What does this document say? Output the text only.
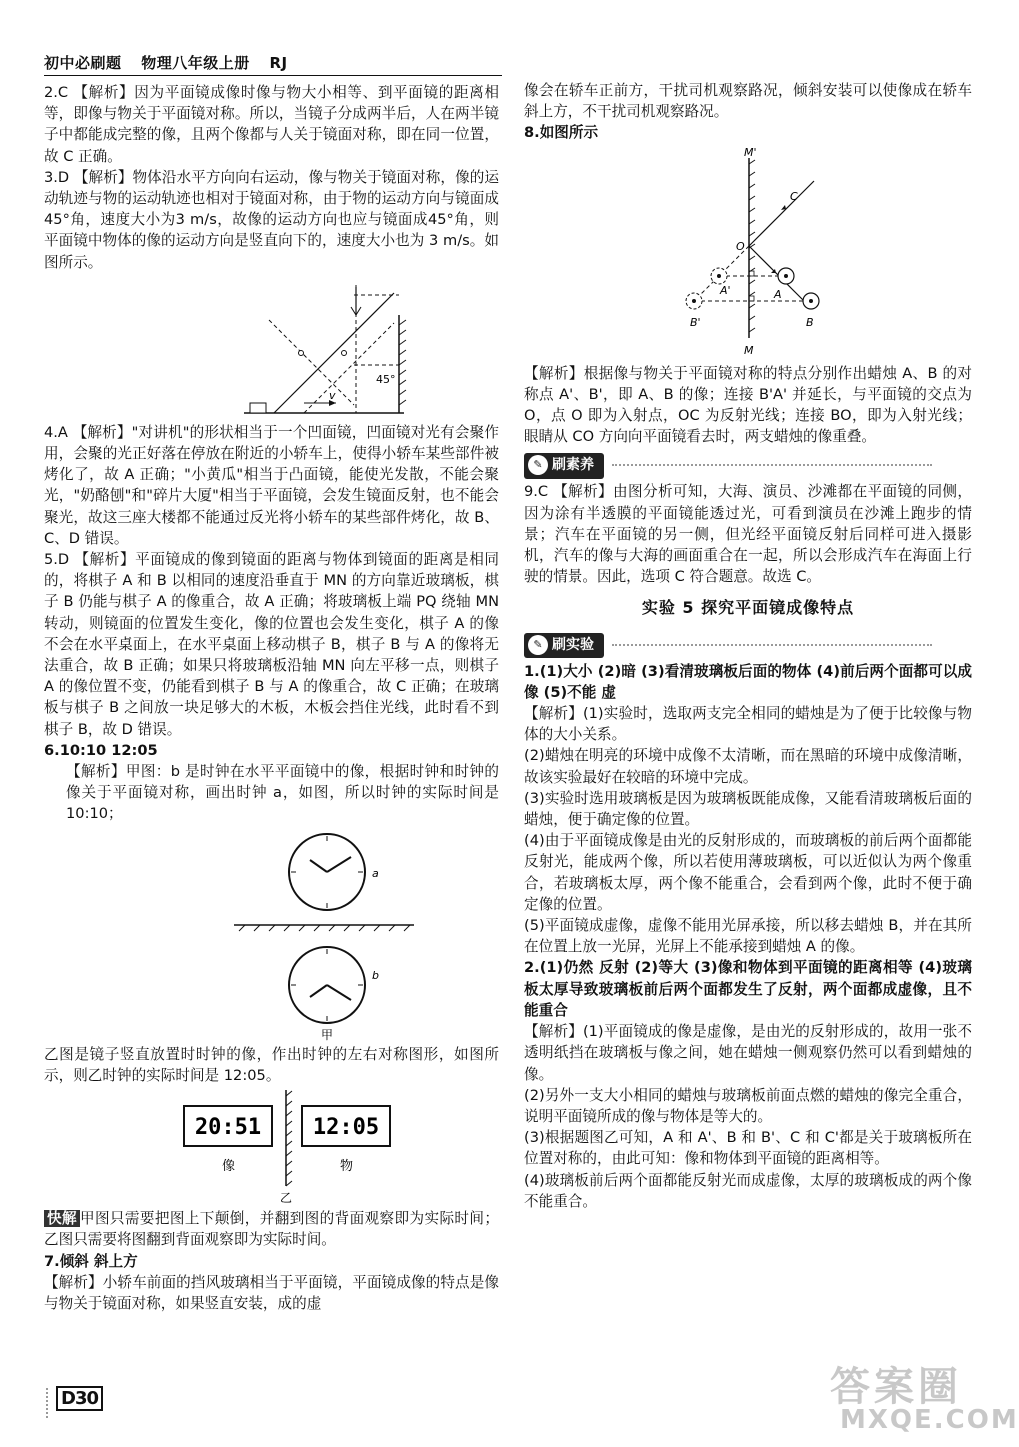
初中必刷题 物理八年级上册 RJ

2.C 【解析】因为平面镜成像时像与物大小相等、到平面镜的距离相等，即像与物关于平面镜对称。所以，当镜子分成两半后，人在两半镜子中都能成完整的像，且两个像都与人关于镜面对称，即在同一位置，故 C 正确。

3.D 【解析】物体沿水平方向向右运动，像与物关于镜面对称，像的运动轨迹与物的运动轨迹也相对于镜面对称，由于物的运动方向与镜面成45°角，速度大小为3 m/s，故像的运动方向也应与镜面成45°角，则平面镜中物体的像的运动方向是竖直向下的，速度大小也为 3 m/s。如图所示。

v
45°

4.A 【解析】"对讲机"的形状相当于一个凹面镜，凹面镜对光有会聚作用，会聚的光正好落在停放在附近的小轿车上，使得小轿车某些部件被烤化了，故 A 正确；"小黄瓜"相当于凸面镜，能使光发散，不能会聚光，"奶酪刨"和"碎片大厦"相当于平面镜，会发生镜面反射，也不能会聚光，故这三座大楼都不能通过反光将小轿车的某些部件烤化，故 B、C、D 错误。

5.D 【解析】平面镜成的像到镜面的距离与物体到镜面的距离是相同的，将棋子 A 和 B 以相同的速度沿垂直于 MN 的方向靠近玻璃板，棋子 B 仍能与棋子 A 的像重合，故 A 正确；将玻璃板上端 PQ 绕轴 MN 转动，则镜面的位置发生变化，像的位置也会发生变化，棋子 A 的像不会在水平桌面上，在水平桌面上移动棋子 B，棋子 B 与 A 的像将无法重合，故 B 正确；如果只将玻璃板沿轴 MN 向左平移一点，则棋子 A 的像位置不变，仍能看到棋子 B 与 A 的像重合，故 C 正确；在玻璃板与棋子 B 之间放一块足够大的木板，木板会挡住光线，此时看不到棋子 B，故 D 错误。

6.10:10 12:05

【解析】甲图：b 是时钟在水平平面镜中的像，根据时钟和时钟的像关于平面镜对称，画出时钟 a，如图，所以时钟的实际时间是 10:10；

a
b
甲

乙图是镜子竖直放置时时钟的像，作出时钟的左右对称图形，如图所示，则乙时钟的实际时间是 12:05。

20:51 12:05
像	物
乙

快解 甲图只需要把图上下颠倒，并翻到图的背面观察即为实际时间；乙图只需要将图翻到背面观察即为实际时间。

7.倾斜 斜上方

【解析】小轿车前面的挡风玻璃相当于平面镜，平面镜成像的特点是像与物关于镜面对称，如果竖直安装，成的虚

像会在轿车正前方，干扰司机观察路况，倾斜安装可以使像成在轿车斜上方，不干扰司机观察路况。

8.如图所示

M'
M
C
O
A
A'
B
B'

【解析】根据像与物关于平面镜对称的特点分别作出蜡烛 A、B 的对称点 A'、B'，即 A、B 的像；连接 B'A' 并延长，与平面镜的交点为 O，点 O 即为入射点，OC 为反射光线；连接 BO，即为入射光线；眼睛从 CO 方向向平面镜看去时，两支蜡烛的像重叠。

✎ 刷素养

9.C 【解析】由图分析可知，大海、演员、沙滩都在平面镜的同侧，因为涂有半透膜的平面镜能透过光，可看到演员在沙滩上跑步的情景；汽车在平面镜的另一侧，但光经平面镜反射后同样可进入摄影机，汽车的像与大海的画面重合在一起，所以会形成汽车在海面上行驶的情景。因此，选项 C 符合题意。故选 C。

实验 5 探究平面镜成像特点
✎ 刷实验

1.(1)大小 (2)暗 (3)看清玻璃板后面的物体 (4)前后两个面都可以成像 (5)不能 虚

【解析】(1)实验时，选取两支完全相同的蜡烛是为了便于比较像与物体的大小关系。

(2)蜡烛在明亮的环境中成像不太清晰，而在黑暗的环境中成像清晰，故该实验最好在较暗的环境中完成。

(3)实验时选用玻璃板是因为玻璃板既能成像，又能看清玻璃板后面的蜡烛，便于确定像的位置。

(4)由于平面镜成像是由光的反射形成的，而玻璃板的前后两个面都能反射光，能成两个像，所以若使用薄玻璃板，可以近似认为两个像重合，若玻璃板太厚，两个像不能重合，会看到两个像，此时不便于确定像的位置。

(5)平面镜成虚像，虚像不能用光屏承接，所以移去蜡烛 B，并在其所在位置上放一光屏，光屏上不能承接到蜡烛 A 的像。

2.(1)仍然 反射 (2)等大 (3)像和物体到平面镜的距离相等 (4)玻璃板太厚导致玻璃板前后两个面都发生了反射，两个面都成虚像，且不能重合

【解析】(1)平面镜成的像是虚像，是由光的反射形成的，故用一张不透明纸挡在玻璃板与像之间，她在蜡烛一侧观察仍然可以看到蜡烛的像。

(2)另外一支大小相同的蜡烛与玻璃板前面点燃的蜡烛的像完全重合，说明平面镜所成的像与物体是等大的。

(3)根据题图乙可知，A 和 A'、B 和 B'、C 和 C'都是关于玻璃板所在位置对称的，由此可知：像和物体到平面镜的距离相等。

(4)玻璃板前后两个面都能反射光而成虚像，太厚的玻璃板成的两个像不能重合。

D30	答案圈
MXQE.COM
